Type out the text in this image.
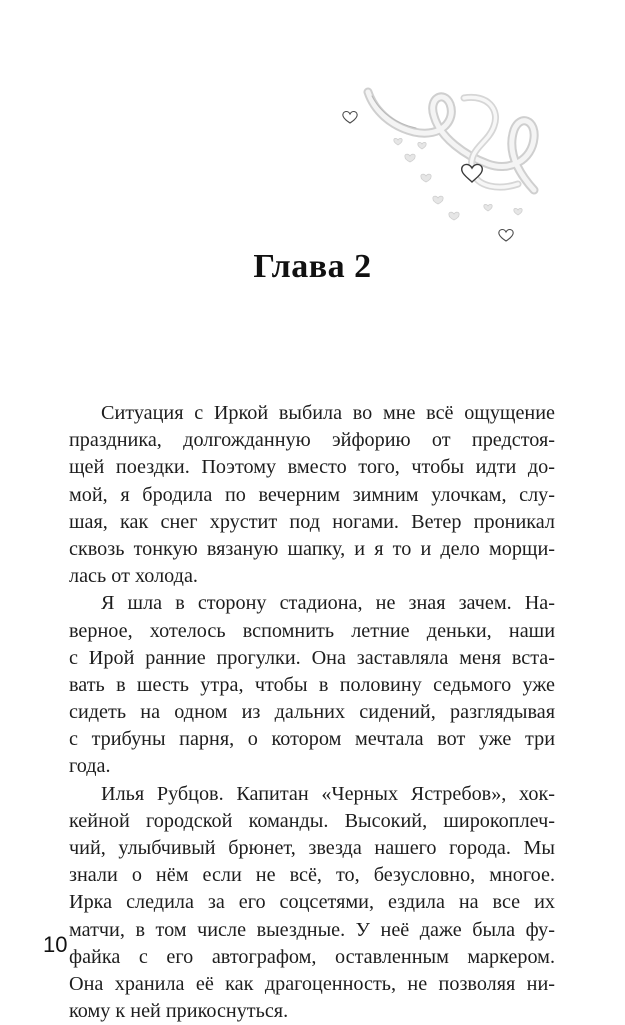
Глава 2
Ситуация с Иркой выбила во мне всё ощущение
праздника, долгожданную эйфорию от предстоя-
щей поездки. Поэтому вместо того, чтобы идти до-
мой, я бродила по вечерним зимним улочкам, слу-
шая, как снег хрустит под ногами. Ветер проникал
сквозь тонкую вязаную шапку, и я то и дело морщи-
лась от холода.
Я шла в сторону стадиона, не зная зачем. На-
верное, хотелось вспомнить летние деньки, наши
с Ирой ранние прогулки. Она заставляла меня вста-
вать в шесть утра, чтобы в половину седьмого уже
сидеть на одном из дальних сидений, разглядывая
с трибуны парня, о котором мечтала вот уже три
года.
Илья Рубцов. Капитан «Черных Ястребов», хок-
кейной городской команды. Высокий, широкоплеч-
чий, улыбчивый брюнет, звезда нашего города. Мы
знали о нём если не всё, то, безусловно, многое.
Ирка следила за его соцсетями, ездила на все их
матчи, в том числе выездные. У неё даже была фу-
файка с его автографом, оставленным маркером.
Она хранила её как драгоценность, не позволяя ни-
кому к ней прикоснуться.
10
